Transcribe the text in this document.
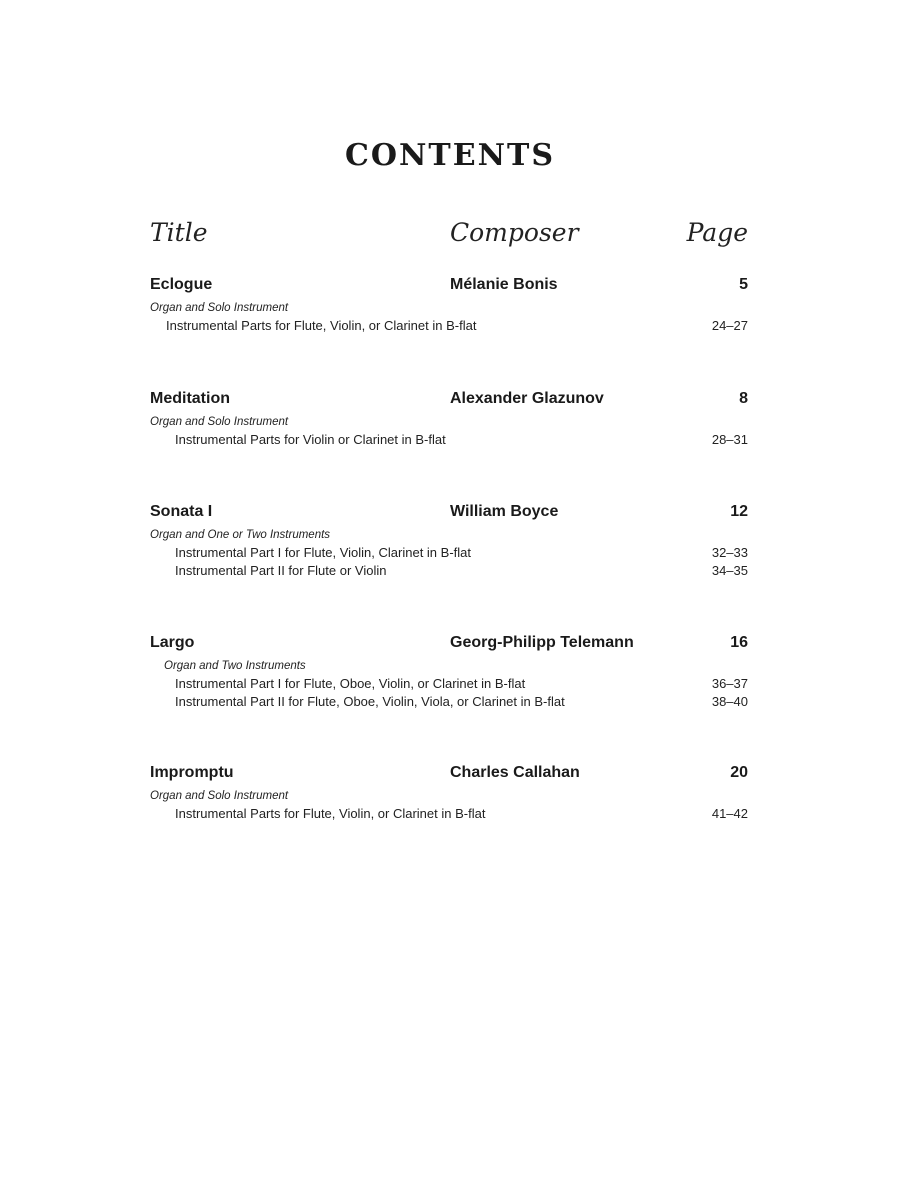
CONTENTS
Title	Composer	Page
Eclogue	Mélanie Bonis	5
Organ and Solo Instrument
Instrumental Parts for Flute, Violin, or Clarinet in B-flat	24–27
Meditation	Alexander Glazunov	8
Organ and Solo Instrument
Instrumental Parts for Violin or Clarinet in B-flat	28–31
Sonata I	William Boyce	12
Organ and One or Two Instruments
Instrumental Part I for Flute, Violin, Clarinet in B-flat	32–33
Instrumental Part II for Flute or Violin	34–35
Largo	Georg-Philipp Telemann	16
Organ and Two Instruments
Instrumental Part I for Flute, Oboe, Violin, or Clarinet in B-flat	36–37
Instrumental Part II for Flute, Oboe, Violin, Viola, or Clarinet in B-flat	38–40
Impromptu	Charles Callahan	20
Organ and Solo Instrument
Instrumental Parts for Flute, Violin, or Clarinet in B-flat	41–42
